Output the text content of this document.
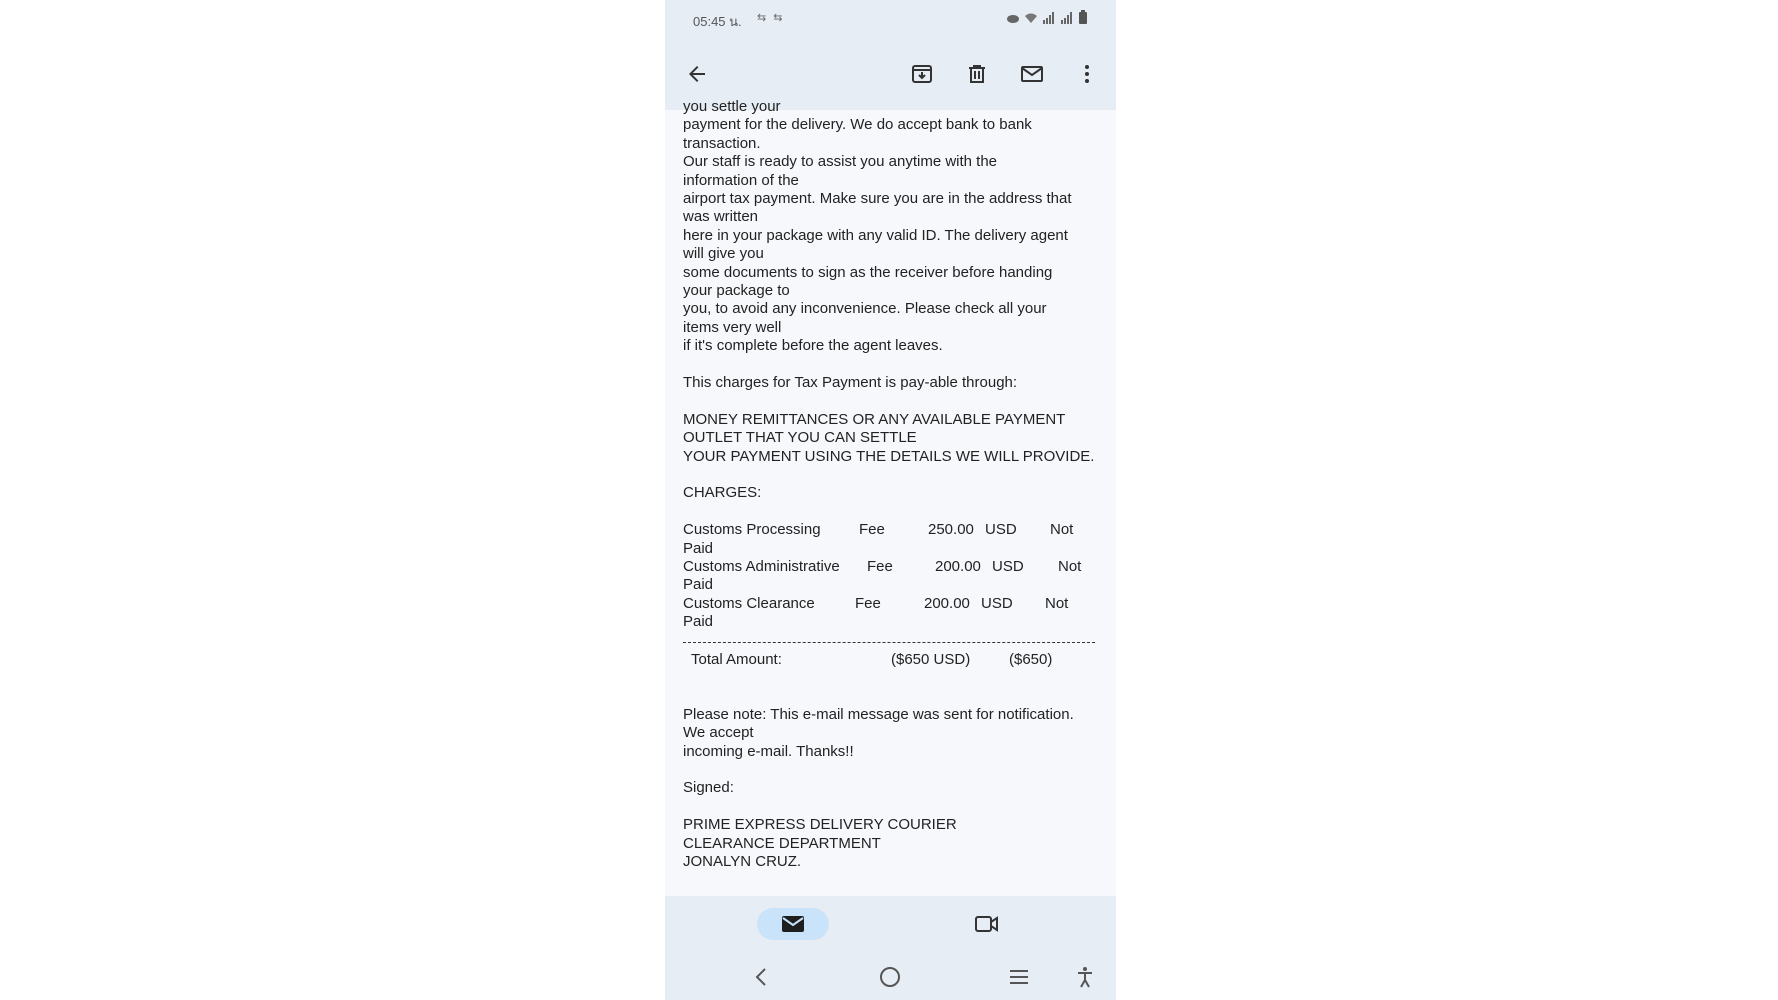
05:45 น. ⇆ ⇆

you settle your

payment for the delivery. We do accept bank to bank

transaction.

Our staff is ready to assist you anytime with the

information of the

airport tax payment. Make sure you are in the address that

was written

here in your package with any valid ID. The delivery agent

will give you

some documents to sign as the receiver before handing

your package to

you, to avoid any inconvenience. Please check all your

items very well

if it's complete before the agent leaves.

This charges for Tax Payment is pay-able through:

MONEY REMITTANCES OR ANY AVAILABLE PAYMENT

OUTLET THAT YOU CAN SETTLE

YOUR PAYMENT USING THE DETAILS WE WILL PROVIDE.

CHARGES:

Customs Processing	Fee	250.00 USD Not
Paid
Customs Administrative Fee	200.00 USD Not
Paid
Customs Clearance	Fee	200.00 USD Not
Paid
Total Amount:	($650 USD)	($650)

Please note: This e-mail message was sent for notification.

We accept

incoming e-mail. Thanks!!

Signed:

PRIME EXPRESS DELIVERY COURIER

CLEARANCE DEPARTMENT

JONALYN CRUZ.
